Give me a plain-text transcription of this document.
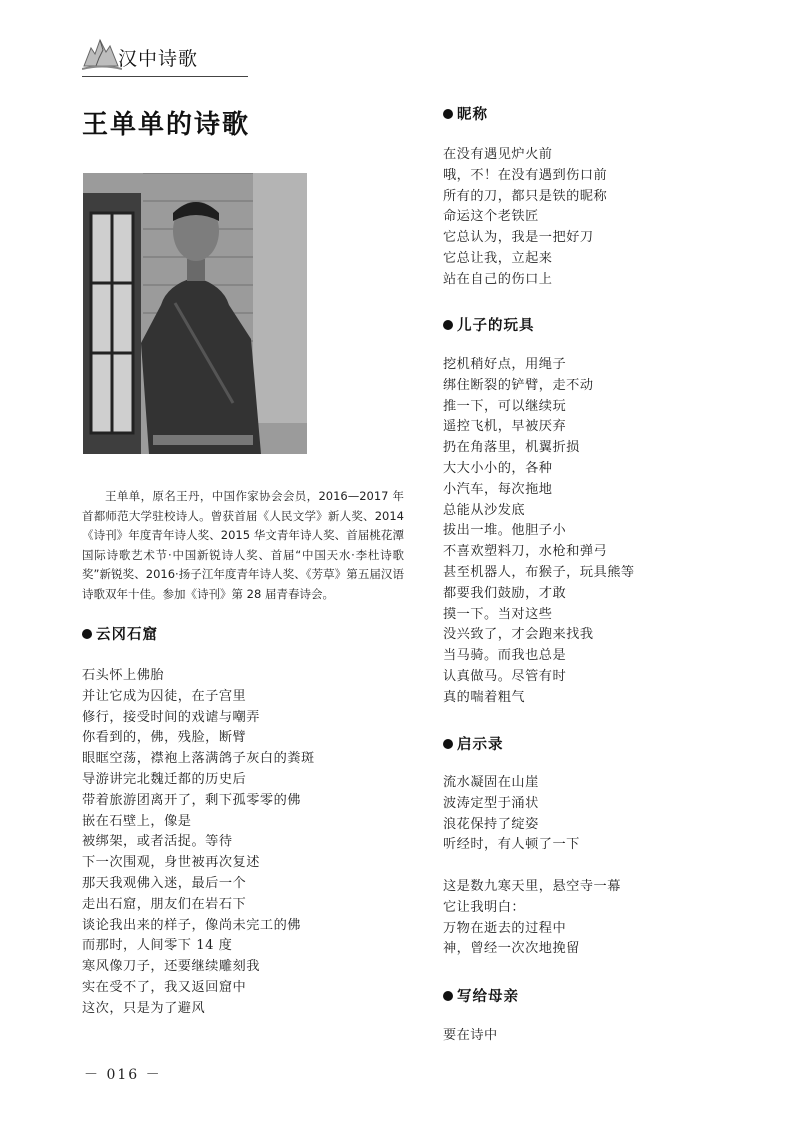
汉中诗歌
王单单的诗歌

王单单，原名王丹，中国作家协会会员，2016—2017 年首都师范大学驻校诗人。曾获首届《人民文学》新人奖、2014《诗刊》年度青年诗人奖、2015 华文青年诗人奖、首届桃花潭国际诗歌艺术节·中国新锐诗人奖、首届“中国天水·李杜诗歌奖”新锐奖、2016·扬子江年度青年诗人奖、《芳草》第五届汉语诗歌双年十佳。参加《诗刊》第 28 届青春诗会。

云冈石窟
石头怀上佛胎
并让它成为囚徒，在子宫里
修行，接受时间的戏谑与嘲弄
你看到的，佛，残脸，断臂
眼眶空荡，襟袍上落满鸽子灰白的粪斑
导游讲完北魏迁都的历史后
带着旅游团离开了，剩下孤零零的佛
嵌在石壁上，像是
被绑架，或者活捉。等待
下一次围观，身世被再次复述
那天我观佛入迷，最后一个
走出石窟，朋友们在岩石下
谈论我出来的样子，像尚未完工的佛
而那时，人间零下 14 度
寒风像刀子，还要继续雕刻我
实在受不了，我又返回窟中
这次，只是为了避风
昵称
在没有遇见炉火前
哦，不！在没有遇到伤口前
所有的刀，都只是铁的昵称
命运这个老铁匠
它总认为，我是一把好刀
它总让我，立起来
站在自己的伤口上
儿子的玩具
挖机稍好点，用绳子
绑住断裂的铲臂，走不动
推一下，可以继续玩
遥控飞机，早被厌弃
扔在角落里，机翼折损
大大小小的，各种
小汽车，每次拖地
总能从沙发底
拔出一堆。他胆子小
不喜欢塑料刀，水枪和弹弓
甚至机器人，布猴子，玩具熊等
都要我们鼓励，才敢
摸一下。当对这些
没兴致了，才会跑来找我
当马骑。而我也总是
认真做马。尽管有时
真的喘着粗气
启示录
流水凝固在山崖
波涛定型于涌状
浪花保持了绽姿
听经时，有人顿了一下
这是数九寒天里，悬空寺一幕
它让我明白：
万物在逝去的过程中
神，曾经一次次地挽留
写给母亲
要在诗中
－ 016 －
